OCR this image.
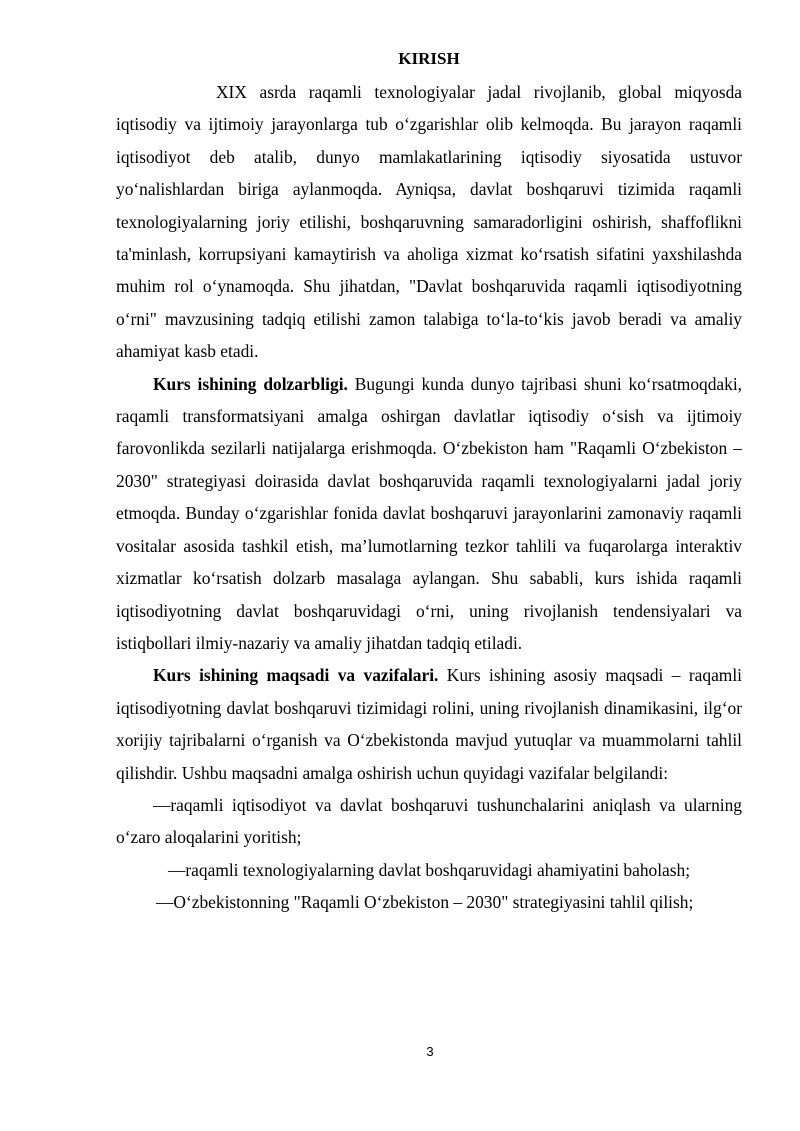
KIRISH

XIX asrda raqamli texnologiyalar jadal rivojlanib, global miqyosda iqtisodiy va ijtimoiy jarayonlarga tub o‘zgarishlar olib kelmoqda. Bu jarayon raqamli iqtisodiyot deb atalib, dunyo mamlakatlarining iqtisodiy siyosatida ustuvor yo‘nalishlardan biriga aylanmoqda. Ayniqsa, davlat boshqaruvi tizimida raqamli texnologiyalarning joriy etilishi, boshqaruvning samaradorligini oshirish, shaffoflikni ta'minlash, korrupsiyani kamaytirish va aholiga xizmat ko‘rsatish sifatini yaxshilashda muhim rol o‘ynamoqda. Shu jihatdan, "Davlat boshqaruvida raqamli iqtisodiyotning o‘rni" mavzusining tadqiq etilishi zamon talabiga to‘la-to‘kis javob beradi va amaliy ahamiyat kasb etadi.

Kurs ishining dolzarbligi. Bugungi kunda dunyo tajribasi shuni ko‘rsatmoqdaki, raqamli transformatsiyani amalga oshirgan davlatlar iqtisodiy o‘sish va ijtimoiy farovonlikda sezilarli natijalarga erishmoqda. O‘zbekiston ham "Raqamli O‘zbekiston – 2030" strategiyasi doirasida davlat boshqaruvida raqamli texnologiyalarni jadal joriy etmoqda. Bunday o‘zgarishlar fonida davlat boshqaruvi jarayonlarini zamonaviy raqamli vositalar asosida tashkil etish, ma’lumotlarning tezkor tahlili va fuqarolarga interaktiv xizmatlar ko‘rsatish dolzarb masalaga aylangan. Shu sababli, kurs ishida raqamli iqtisodiyotning davlat boshqaruvidagi o‘rni, uning rivojlanish tendensiyalari va istiqbollari ilmiy-nazariy va amaliy jihatdan tadqiq etiladi.

Kurs ishining maqsadi va vazifalari. Kurs ishining asosiy maqsadi – raqamli iqtisodiyotning davlat boshqaruvi tizimidagi rolini, uning rivojlanish dinamikasini, ilg‘or xorijiy tajribalarni o‘rganish va O‘zbekistonda mavjud yutuqlar va muammolarni tahlil qilishdir. Ushbu maqsadni amalga oshirish uchun quyidagi vazifalar belgilandi:

—raqamli iqtisodiyot va davlat boshqaruvi tushunchalarini aniqlash va ularning o‘zaro aloqalarini yoritish;

—raqamli texnologiyalarning davlat boshqaruvidagi ahamiyatini baholash;

—O‘zbekistonning "Raqamli O‘zbekiston – 2030" strategiyasini tahlil qilish;

3
